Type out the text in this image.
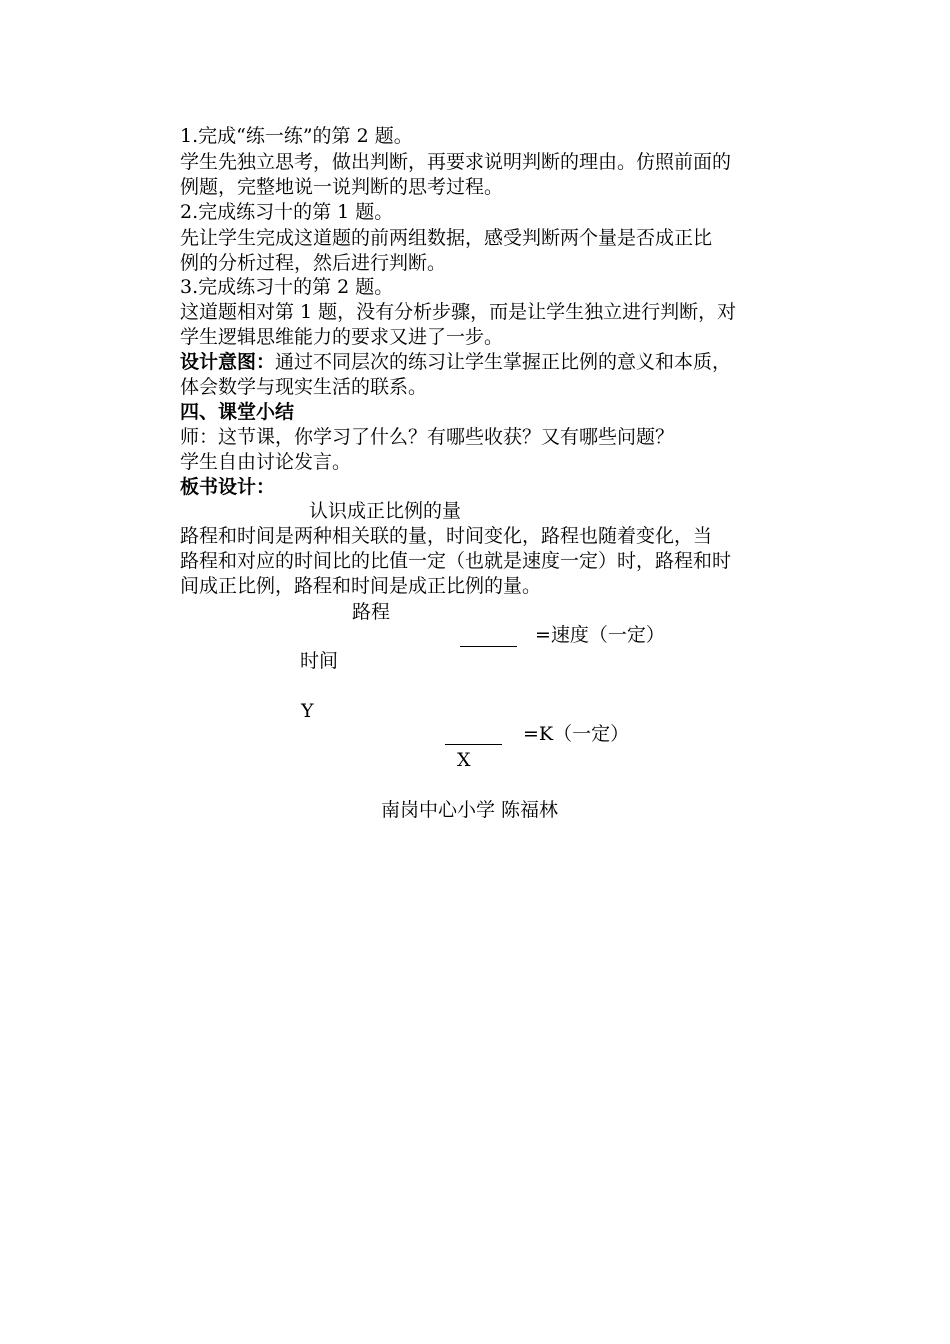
1.完成“练一练”的第 2 题。
学生先独立思考，做出判断，再要求说明判断的理由。仿照前面的
例题，完整地说一说判断的思考过程。
2.完成练习十的第 1 题。
先让学生完成这道题的前两组数据，感受判断两个量是否成正比
例的分析过程，然后进行判断。
3.完成练习十的第 2 题。
这道题相对第 1 题，没有分析步骤，而是让学生独立进行判断，对
学生逻辑思维能力的要求又进了一步。
设计意图：通过不同层次的练习让学生掌握正比例的意义和本质，
体会数学与现实生活的联系。
四、课堂小结
师：这节课，你学习了什么？有哪些收获？又有哪些问题？
学生自由讨论发言。
板书设计：
认识成正比例的量
路程和时间是两种相关联的量，时间变化，路程也随着变化，当
路程和对应的时间比的比值一定（也就是速度一定）时，路程和时
间成正比例，路程和时间是成正比例的量。
路程
=速度（一定）
时间
Y
=K（一定）
X
南岗中心小学 陈福林
